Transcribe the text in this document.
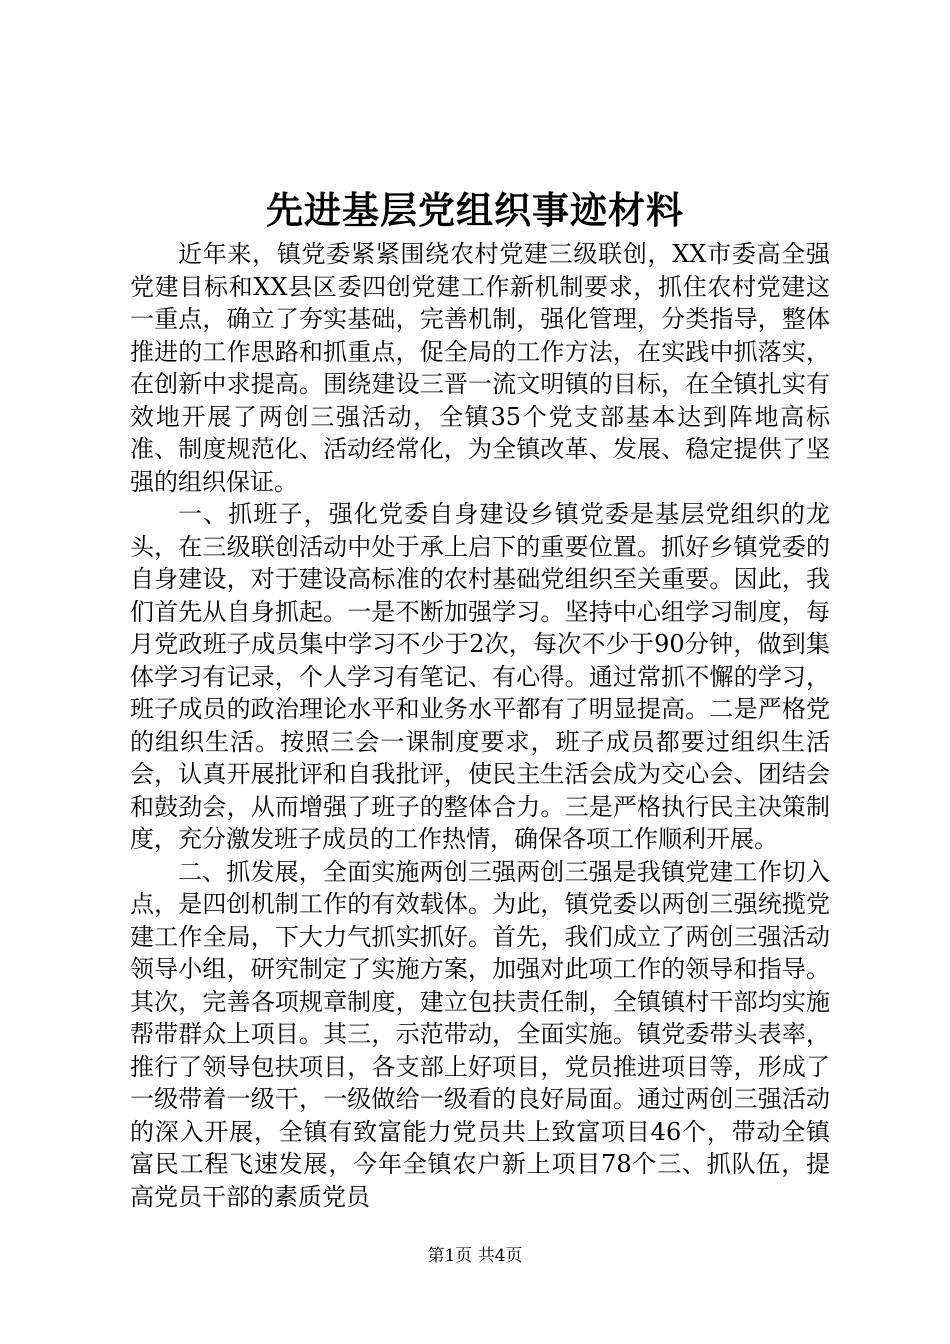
先进基层党组织事迹材料

近年来，镇党委紧紧围绕农村党建三级联创，XX市委高全强党建目标和XX县区委四创党建工作新机制要求，抓住农村党建这一重点，确立了夯实基础，完善机制，强化管理，分类指导，整体推进的工作思路和抓重点，促全局的工作方法，在实践中抓落实，在创新中求提高。围绕建设三晋一流文明镇的目标，在全镇扎实有效地开展了两创三强活动，全镇35个党支部基本达到阵地高标准、制度规范化、活动经常化，为全镇改革、发展、稳定提供了坚强的组织保证。

一、抓班子，强化党委自身建设乡镇党委是基层党组织的龙头，在三级联创活动中处于承上启下的重要位置。抓好乡镇党委的自身建设，对于建设高标准的农村基础党组织至关重要。因此，我们首先从自身抓起。一是不断加强学习。坚持中心组学习制度，每月党政班子成员集中学习不少于2次，每次不少于90分钟，做到集体学习有记录，个人学习有笔记、有心得。通过常抓不懈的学习，班子成员的政治理论水平和业务水平都有了明显提高。二是严格党的组织生活。按照三会一课制度要求，班子成员都要过组织生活会，认真开展批评和自我批评，使民主生活会成为交心会、团结会和鼓劲会，从而增强了班子的整体合力。三是严格执行民主决策制度，充分激发班子成员的工作热情，确保各项工作顺利开展。

二、抓发展，全面实施两创三强两创三强是我镇党建工作切入点，是四创机制工作的有效载体。为此，镇党委以两创三强统揽党建工作全局，下大力气抓实抓好。首先，我们成立了两创三强活动领导小组，研究制定了实施方案，加强对此项工作的领导和指导。其次，完善各项规章制度，建立包扶责任制，全镇镇村干部均实施帮带群众上项目。其三，示范带动，全面实施。镇党委带头表率，推行了领导包扶项目，各支部上好项目，党员推进项目等，形成了一级带着一级干，一级做给一级看的良好局面。通过两创三强活动的深入开展，全镇有致富能力党员共上致富项目46个，带动全镇富民工程飞速发展，今年全镇农户新上项目78个三、抓队伍，提高党员干部的素质党员

第1页 共4页
